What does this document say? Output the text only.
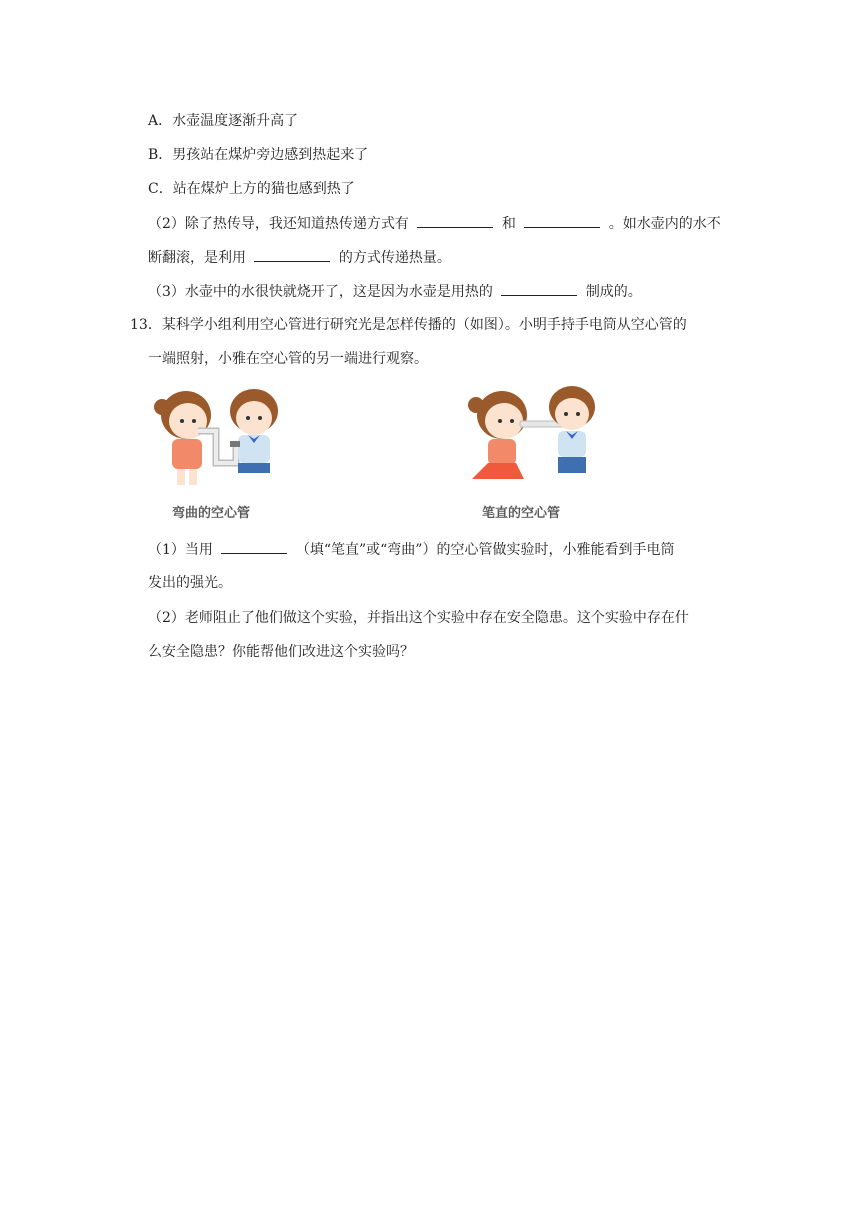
A．水壶温度逐渐升高了
B．男孩站在煤炉旁边感到热起来了
C．站在煤炉上方的猫也感到热了
（2）除了热传导，我还知道热传递方式有	和	。如水壶内的水不
断翻滚，是利用	的方式传递热量。
（3）水壶中的水很快就烧开了，这是因为水壶是用热的	制成的。
13．某科学小组利用空心管进行研究光是怎样传播的（如图）。小明手持手电筒从空心管的
一端照射，小雅在空心管的另一端进行观察。
弯曲的空心管	笔直的空心管
（1）当用	（填“笔直”或“弯曲”）的空心管做实验时，小雅能看到手电筒
发出的强光。
（2）老师阻止了他们做这个实验，并指出这个实验中存在安全隐患。这个实验中存在什
么安全隐患？你能帮他们改进这个实验吗？
